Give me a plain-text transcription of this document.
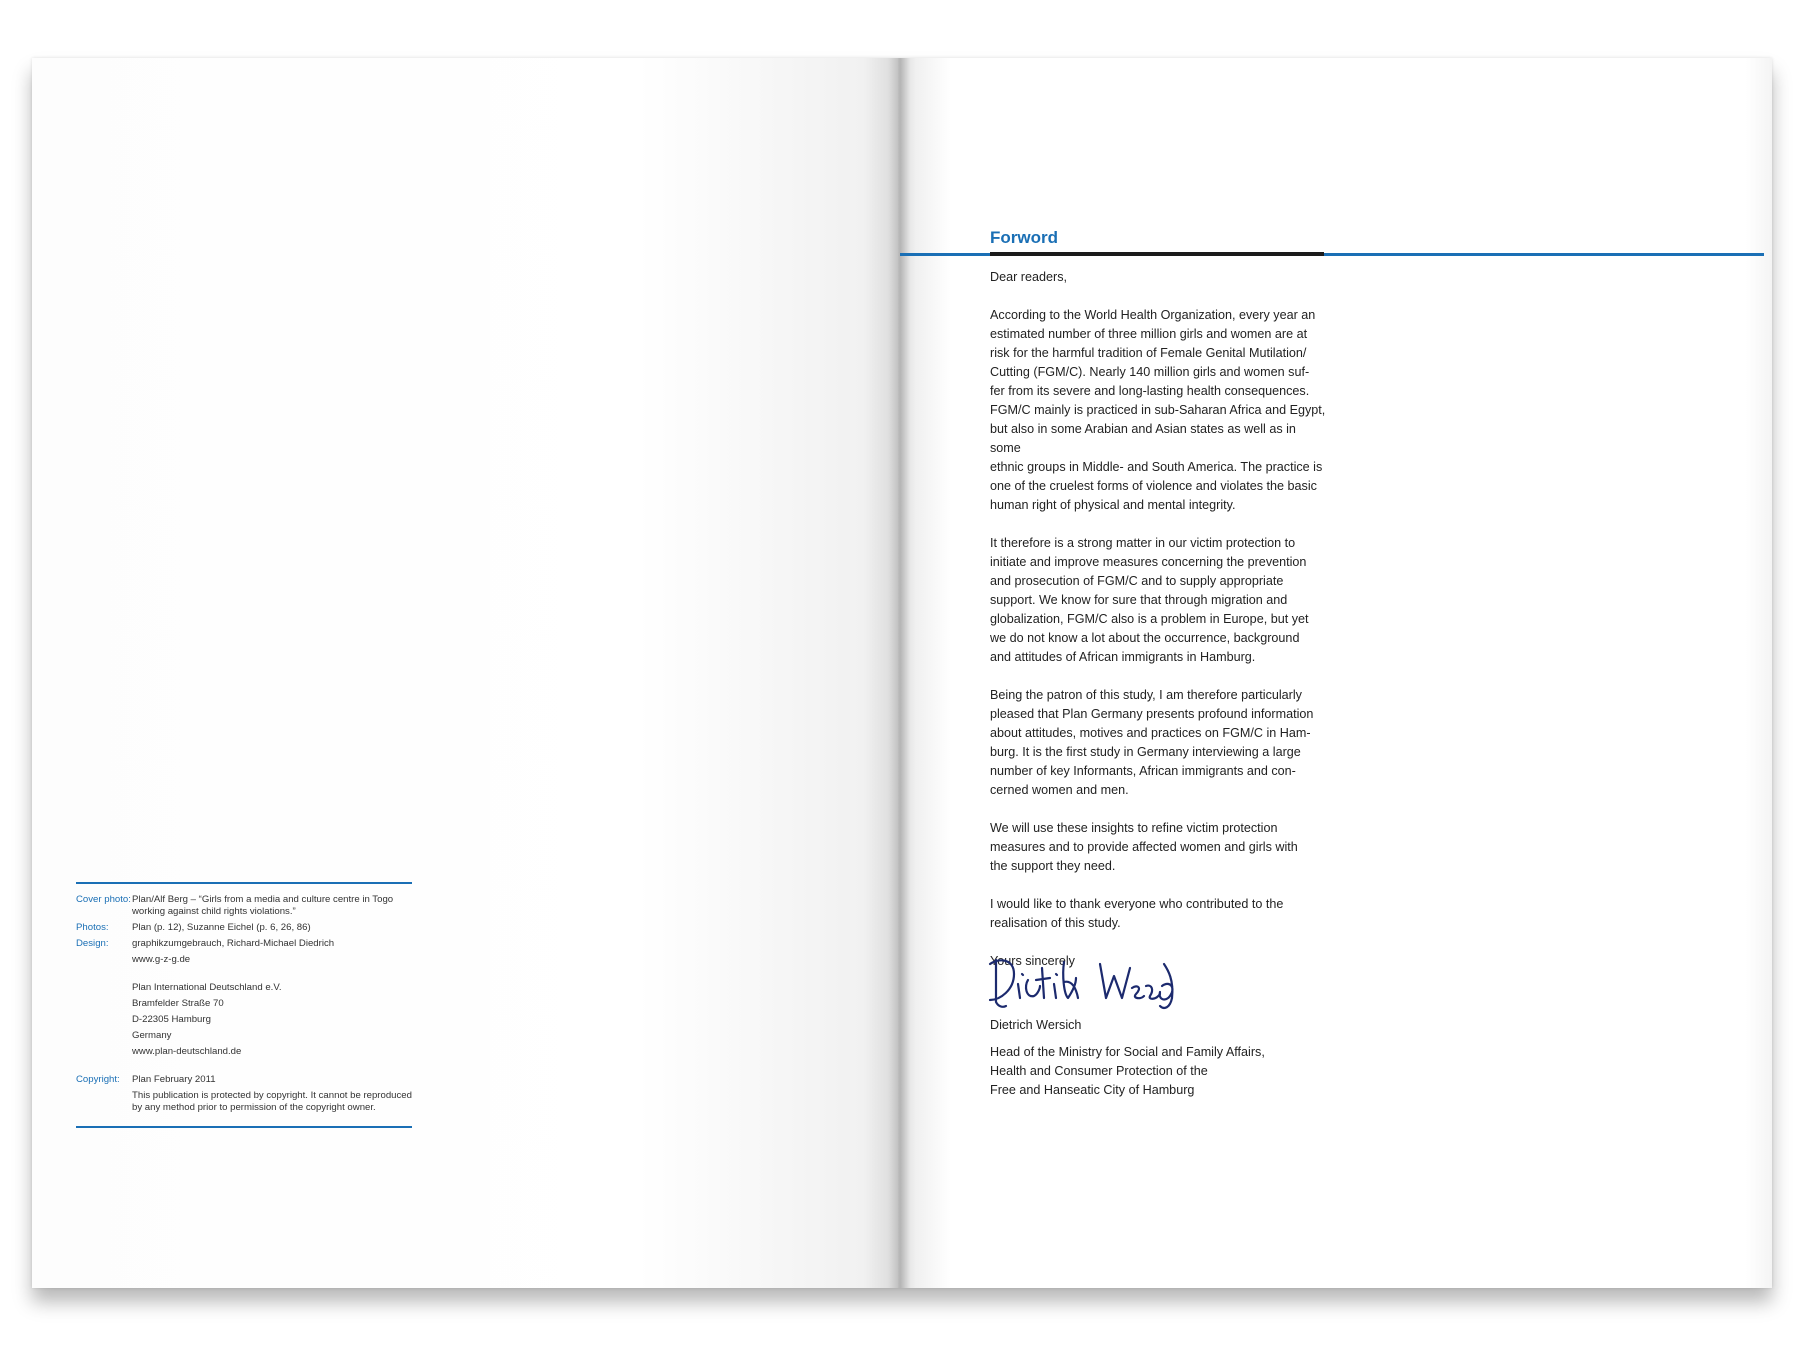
Cover photo: Plan/Alf Berg – “Girls from a media and culture centre in Togo
working against child rights violations.”
Photos:	Plan (p. 12), Suzanne Eichel (p. 6, 26, 86)
Design:	graphikzumgebrauch, Richard-Michael Diedrich
www.g-z-g.de
Plan International Deutschland e.V.
Bramfelder Straße 70
D-22305 Hamburg
Germany
www.plan-deutschland.de
Copyright:	Plan February 2011
This publication is protected by copyright. It cannot be reproduced
by any method prior to permission of the copyright owner.
Forword

Dear readers,

According to the World Health Organization, every year an
estimated number of three million girls and women are at
risk for the harmful tradition of Female Genital Mutilation/
Cutting (FGM/C). Nearly 140 million girls and women suf-
fer from its severe and long-lasting health consequences.
FGM/C mainly is practiced in sub-Saharan Africa and Egypt,
but also in some Arabian and Asian states as well as in some
ethnic groups in Middle- and South America. The practice is
one of the cruelest forms of violence and violates the basic
human right of physical and mental integrity.

It therefore is a strong matter in our victim protection to
initiate and improve measures concerning the prevention
and prosecution of FGM/C and to supply appropriate
support. We know for sure that through migration and
globalization, FGM/C also is a problem in Europe, but yet
we do not know a lot about the occurrence, background
and attitudes of African immigrants in Hamburg.

Being the patron of this study, I am therefore particularly
pleased that Plan Germany presents profound information
about attitudes, motives and practices on FGM/C in Ham-
burg. It is the first study in Germany interviewing a large
number of key Informants, African immigrants and con-
cerned women and men.

We will use these insights to refine victim protection
measures and to provide affected women and girls with
the support they need.

I would like to thank everyone who contributed to the
realisation of this study.

Yours sincerely

Dietrich Wersich
Head of the Ministry for Social and Family Affairs,
Health and Consumer Protection of the
Free and Hanseatic City of Hamburg
